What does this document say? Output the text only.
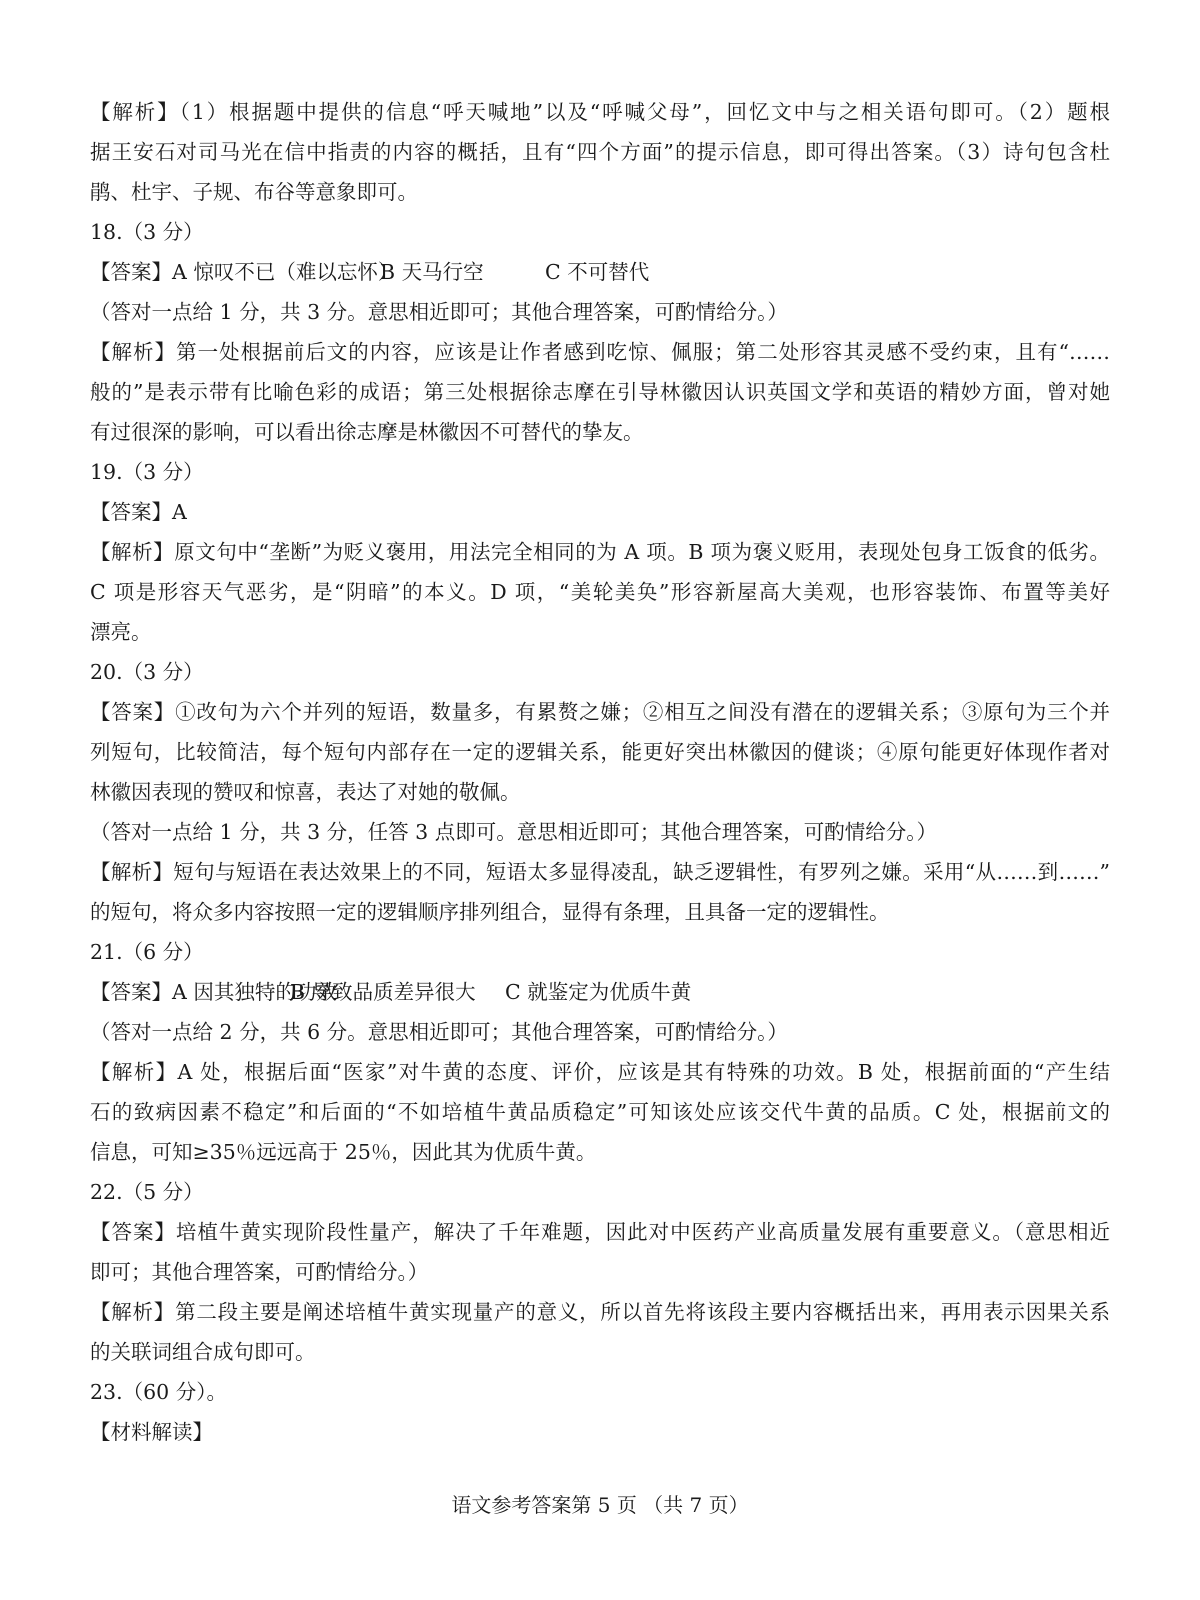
【解析】（1）根据题中提供的信息“呼天喊地”以及“呼喊父母”，回忆文中与之相关语句即可。（2）题根
据王安石对司马光在信中指责的内容的概括，且有“四个方面”的提示信息，即可得出答案。（3）诗句包含杜
鹃、杜宇、子规、布谷等意象即可。
18.（3 分）
【答案】A 惊叹不已（难以忘怀）B 天马行空	C 不可替代
（答对一点给 1 分，共 3 分。意思相近即可；其他合理答案，可酌情给分。）
【解析】第一处根据前后文的内容，应该是让作者感到吃惊、佩服；第二处形容其灵感不受约束，且有“……
般的”是表示带有比喻色彩的成语；第三处根据徐志摩在引导林徽因认识英国文学和英语的精妙方面，曾对她
有过很深的影响，可以看出徐志摩是林徽因不可替代的挚友。
19.（3 分）
【答案】A
【解析】原文句中“垄断”为贬义褒用，用法完全相同的为 A 项。B 项为褒义贬用，表现处包身工饭食的低劣。
C 项是形容天气恶劣，是“阴暗”的本义。D 项，“美轮美奂”形容新屋高大美观，也形容装饰、布置等美好
漂亮。
20.（3 分）
【答案】①改句为六个并列的短语，数量多，有累赘之嫌；②相互之间没有潜在的逻辑关系；③原句为三个并
列短句，比较简洁，每个短句内部存在一定的逻辑关系，能更好突出林徽因的健谈；④原句能更好体现作者对
林徽因表现的赞叹和惊喜，表达了对她的敬佩。
（答对一点给 1 分，共 3 分，任答 3 点即可。意思相近即可；其他合理答案，可酌情给分。）
【解析】短句与短语在表达效果上的不同，短语太多显得凌乱，缺乏逻辑性，有罗列之嫌。采用“从……到……”
的短句，将众多内容按照一定的逻辑顺序排列组合，显得有条理，且具备一定的逻辑性。
21.（6 分）
【答案】A 因其独特的功效B 导致品质差异很大 C 就鉴定为优质牛黄
（答对一点给 2 分，共 6 分。意思相近即可；其他合理答案，可酌情给分。）
【解析】A 处，根据后面“医家”对牛黄的态度、评价，应该是其有特殊的功效。B 处，根据前面的“产生结
石的致病因素不稳定”和后面的“不如培植牛黄品质稳定”可知该处应该交代牛黄的品质。C 处，根据前文的
信息，可知≥35％远远高于 25％，因此其为优质牛黄。
22.（5 分）
【答案】培植牛黄实现阶段性量产，解决了千年难题，因此对中医药产业高质量发展有重要意义。（意思相近
即可；其他合理答案，可酌情给分。）
【解析】第二段主要是阐述培植牛黄实现量产的意义，所以首先将该段主要内容概括出来，再用表示因果关系
的关联词组合成句即可。
23.（60 分）。
【材料解读】
语文参考答案第 5 页 （共 7 页）
